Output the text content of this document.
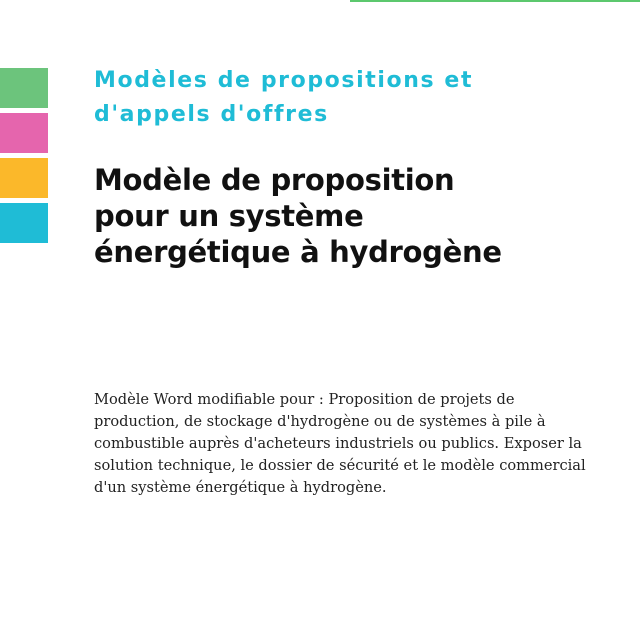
Modèles de propositions et d'appels d'offres
Modèle de proposition
pour un système
énergétique à hydrogène
Modèle Word modifiable pour : Proposition de projets de production, de stockage d'hydrogène ou de systèmes à pile à combustible auprès d'acheteurs industriels ou publics. Exposer la solution technique, le dossier de sécurité et le modèle commercial d'un système énergétique à hydrogène.
